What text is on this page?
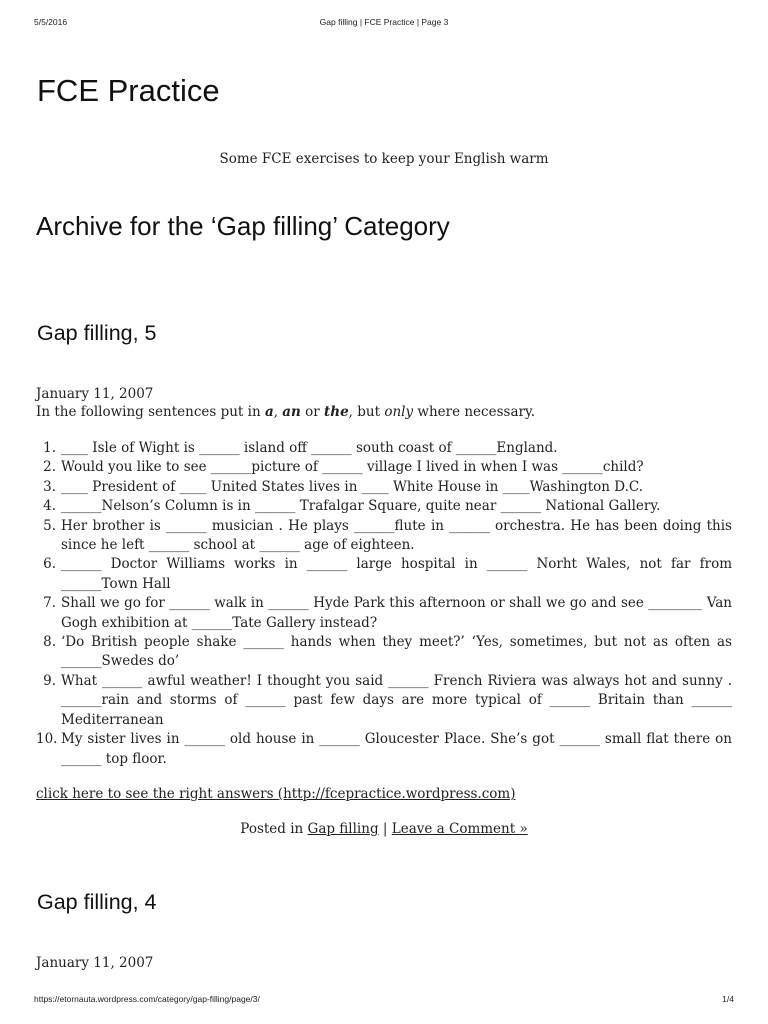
5/5/2016	Gap filling | FCE Practice | Page 3
FCE Practice
Some FCE exercises to keep your English warm
Archive for the ‘Gap filling’ Category
Gap filling, 5
January 11, 2007
In the following sentences put in a, an or the, but only where necessary.
1. ____ Isle of Wight is ______ island off ______ south coast of ______England.
2. Would you like to see ______picture of ______ village I lived in when I was ______child?
3. ____ President of ____ United States lives in ____ White House in ____Washington D.C.
4. ______Nelson’s Column is in ______ Trafalgar Square, quite near ______ National Gallery.
5. Her brother is ______ musician . He plays ______flute in ______ orchestra. He has been doing this since he left ______ school at ______ age of eighteen.
6. ______ Doctor Williams works in ______ large hospital in ______ Norht Wales, not far from ______Town Hall
7. Shall we go for ______ walk in ______ Hyde Park this afternoon or shall we go and see ________ Van Gogh exhibition at ______Tate Gallery instead?
8. ‘Do British people shake ______ hands when they meet?’ ‘Yes, sometimes, but not as often as ______Swedes do’
9. What ______ awful weather! I thought you said ______ French Riviera was always hot and sunny . ______rain and storms of ______ past few days are more typical of ______ Britain than ______ Mediterranean
10. My sister lives in ______ old house in ______ Gloucester Place. She’s got ______ small flat there on ______ top floor.
click here to see the right answers (http://fcepractice.wordpress.com)
Posted in Gap filling | Leave a Comment »
Gap filling, 4
January 11, 2007
https://etornauta.wordpress.com/category/gap-filling/page/3/	1/4
